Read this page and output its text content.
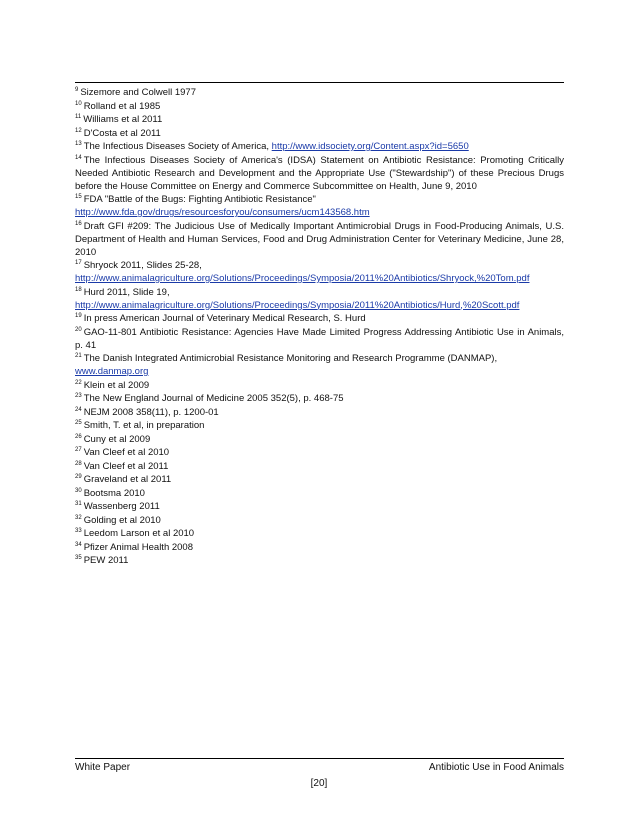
$^9$ Sizemore and Colwell 1977

$^{10}$ Rolland et al 1985

$^{11}$ Williams et al 2011

$^{12}$ D'Costa et al 2011

$^{13}$ The Infectious Diseases Society of America, http://www.idsociety.org/Content.aspx?id=5650

$^{14}$ The Infectious Diseases Society of America's (IDSA) Statement on Antibiotic Resistance: Promoting Critically Needed Antibiotic Research and Development and the Appropriate Use ("Stewardship") of these Precious Drugs before the House Committee on Energy and Commerce Subcommittee on Health, June 9, 2010

$^{15}$ FDA "Battle of the Bugs: Fighting Antibiotic Resistance"
http://www.fda.gov/drugs/resourcesforyou/consumers/ucm143568.htm

$^{16}$ Draft GFI #209: The Judicious Use of Medically Important Antimicrobial Drugs in Food-Producing Animals, U.S. Department of Health and Human Services, Food and Drug Administration Center for Veterinary Medicine, June 28, 2010

$^{17}$ Shryock 2011, Slides 25-28,
http://www.animalagriculture.org/Solutions/Proceedings/Symposia/2011%20Antibiotics/Shryock,%20Tom.pdf

$^{18}$ Hurd 2011, Slide 19,
http://www.animalagriculture.org/Solutions/Proceedings/Symposia/2011%20Antibiotics/Hurd,%20Scott.pdf

$^{19}$ In press American Journal of Veterinary Medical Research, S. Hurd

$^{20}$ GAO-11-801 Antibiotic Resistance: Agencies Have Made Limited Progress Addressing Antibiotic Use in Animals, p. 41

$^{21}$ The Danish Integrated Antimicrobial Resistance Monitoring and Research Programme (DANMAP),
www.danmap.org

$^{22}$ Klein et al 2009

$^{23}$ The New England Journal of Medicine 2005 352(5), p. 468-75

$^{24}$ NEJM 2008 358(11), p. 1200-01

$^{25}$ Smith, T. et al, in preparation

$^{26}$ Cuny et al 2009

$^{27}$ Van Cleef et al 2010

$^{28}$ Van Cleef et al 2011

$^{29}$ Graveland et al 2011

$^{30}$ Bootsma 2010

$^{31}$ Wassenberg 2011

$^{32}$ Golding et al 2010

$^{33}$ Leedom Larson et al 2010

$^{34}$ Pfizer Animal Health 2008

$^{35}$ PEW 2011

White Paper	Antibiotic Use in Food Animals
[20]
